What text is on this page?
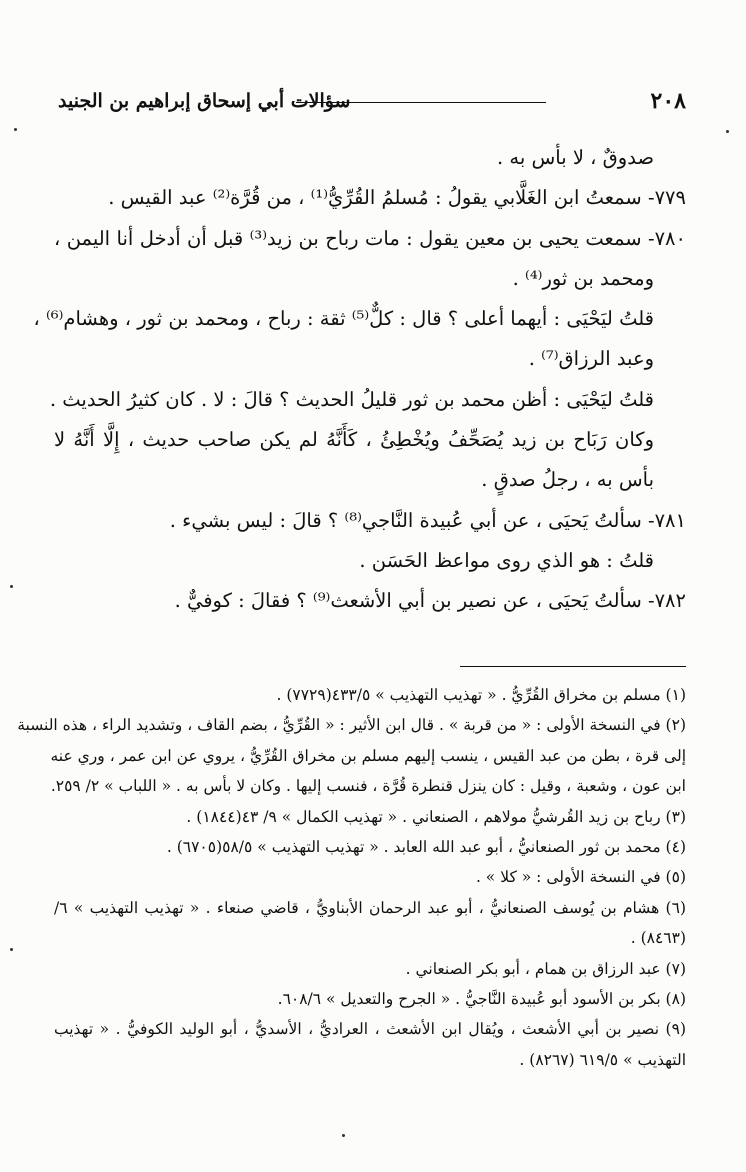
٢٠٨
سؤالات أبي إسحاق إبراهيم بن الجنيد
صدوقٌ ، لا بأس به .
٧٧٩- سمعتُ ابن الغَلَّابي يقولُ : مُسلمُ القُرِّيُّ⁽¹⁾ ، من قُرَّة⁽²⁾ عبد القيس .
٧٨٠- سمعت يحيى بن معين يقول : مات رباح بن زيد⁽³⁾ قبل أن أدخل أنا اليمن ،
ومحمد بن ثور⁽⁴⁾ .
قلتُ ليَحْيَى : أيهما أعلى ؟ قال : كلٌّ⁽⁵⁾ ثقة : رباح ، ومحمد بن ثور ، وهشام⁽⁶⁾ ،
وعبد الرزاق⁽⁷⁾ .
قلتُ ليَحْيَى : أظن محمد بن ثور قليلُ الحديث ؟ قالَ : لا . كان كثيرُ الحديث .
وكان رَبَاح بن زيد يُصَحِّفُ ويُخْطِئُ ، كَأَنَّهُ لم يكن صاحب حديث ، إِلَّا أَنَّهُ لا
بأس به ، رجلُ صدقٍ .
٧٨١- سألتُ يَحيَى ، عن أبي عُبيدة النَّاجي⁽⁸⁾ ؟ قالَ : ليس بشيء .
قلتُ : هو الذي روى مواعظ الحَسَن .
٧٨٢- سألتُ يَحيَى ، عن نصير بن أبي الأشعث⁽⁹⁾ ؟ فقالَ : كوفيٌّ .
(١) مسلم بن مخراق القُرِّيُّ . « تهذيب التهذيب » ٤٣٣/٥(٧٧٢٩) .
(٢) في النسخة الأولى : « من قربة » . قال ابن الأثير : « القُرِّيُّ ، بضم القاف ، وتشديد الراء ، هذه النسبة
إلى قرة ، بطن من عبد القيس ، ينسب إليهم مسلم بن مخراق القُرِّيُّ ، يروي عن ابن عمر ، وري عنه
ابن عون ، وشعبة ، وقيل : كان ينزل قنطرة قُرَّة ، فنسب إليها . وكان لا بأس به . « اللباب » ٢/ ٢٥٩.
(٣) رباح بن زيد القُرشيُّ مولاهم ، الصنعاني . « تهذيب الكمال » ٩/ ٤٣(١٨٤٤) .
(٤) محمد بن ثور الصنعانيُّ ، أبو عبد الله العابد . « تهذيب التهذيب » ٥٨/٥(٦٧٠٥) .
(٥) في النسخة الأولى : « كلا » .
(٦) هشام بن يُوسف الصنعانيُّ ، أبو عبد الرحمان الأبناويُّ ، قاضي صنعاء . « تهذيب التهذيب » ٦/
(٨٤٦٣) .
(٧) عبد الرزاق بن همام ، أبو بكر الصنعاني .
(٨) بكر بن الأسود أبو عُبيدة النَّاجيُّ . « الجرح والتعديل » ٦٠٨/٦.
(٩) نصير بن أبي الأشعث ، ويُقال ابن الأشعث ، العراديُّ ، الأسديُّ ، أبو الوليد الكوفيُّ . « تهذيب
التهذيب » ٦١٩/٥ (٨٢٦٧) .
